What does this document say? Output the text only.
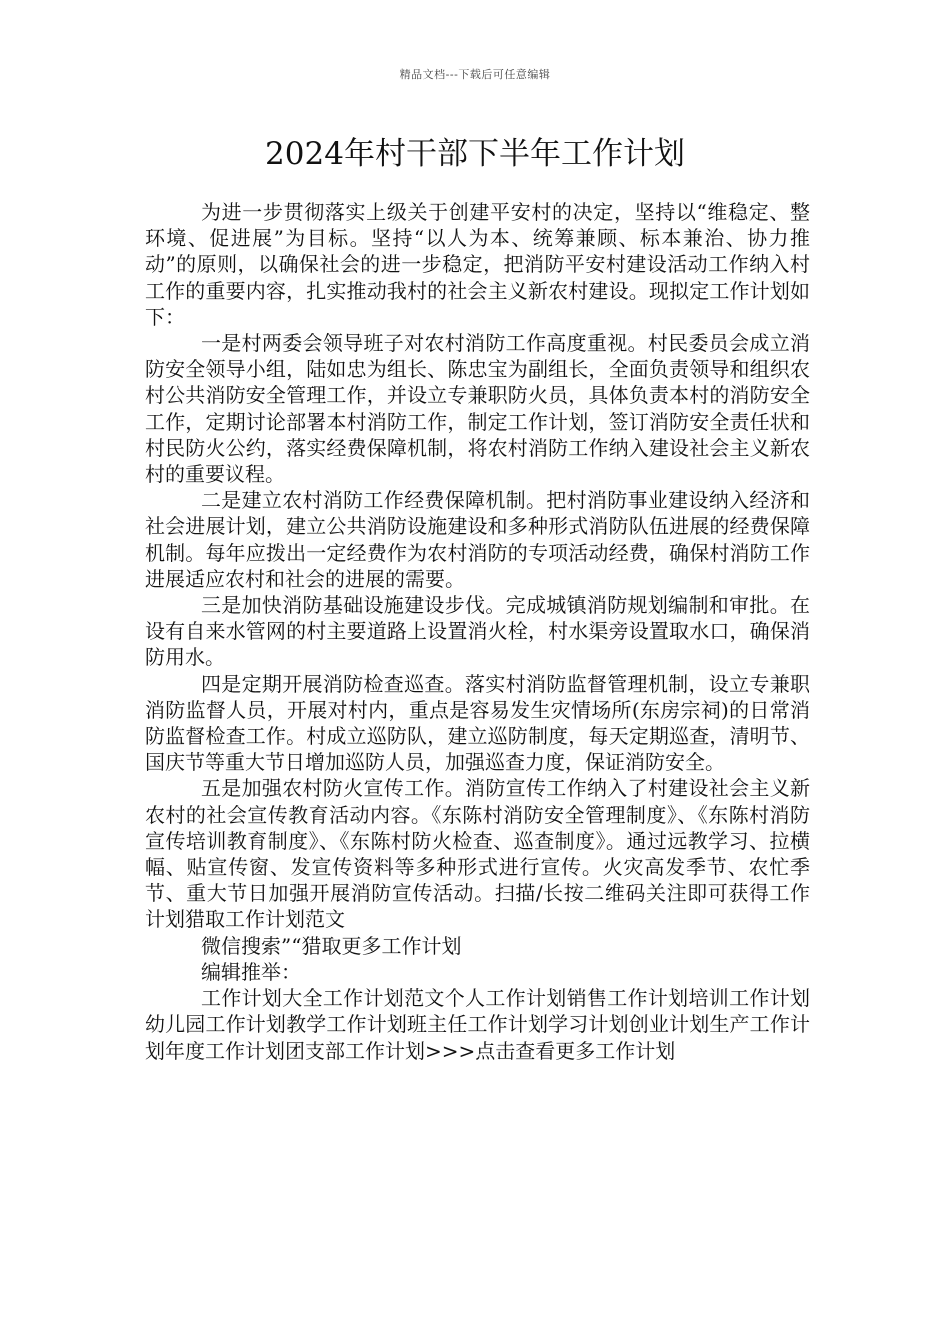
精品文档---下载后可任意编辑
2024年村干部下半年工作计划

为进一步贯彻落实上级关于创建平安村的决定，坚持以“维稳定、整环境、促进展”为目标。坚持“以人为本、统筹兼顾、标本兼治、协力推动”的原则，以确保社会的进一步稳定，把消防平安村建设活动工作纳入村工作的重要内容，扎实推动我村的社会主义新农村建设。现拟定工作计划如下：

一是村两委会领导班子对农村消防工作高度重视。村民委员会成立消防安全领导小组，陆如忠为组长、陈忠宝为副组长，全面负责领导和组织农村公共消防安全管理工作，并设立专兼职防火员，具体负责本村的消防安全工作，定期讨论部署本村消防工作，制定工作计划，签订消防安全责任状和村民防火公约，落实经费保障机制，将农村消防工作纳入建设社会主义新农村的重要议程。

二是建立农村消防工作经费保障机制。把村消防事业建设纳入经济和社会进展计划，建立公共消防设施建设和多种形式消防队伍进展的经费保障机制。每年应拨出一定经费作为农村消防的专项活动经费，确保村消防工作进展适应农村和社会的进展的需要。

三是加快消防基础设施建设步伐。完成城镇消防规划编制和审批。在设有自来水管网的村主要道路上设置消火栓，村水渠旁设置取水口，确保消防用水。

四是定期开展消防检查巡查。落实村消防监督管理机制，设立专兼职消防监督人员，开展对村内，重点是容易发生灾情场所(东房宗祠)的日常消防监督检查工作。村成立巡防队，建立巡防制度，每天定期巡查，清明节、国庆节等重大节日增加巡防人员，加强巡查力度，保证消防安全。

五是加强农村防火宣传工作。消防宣传工作纳入了村建设社会主义新农村的社会宣传教育活动内容。《东陈村消防安全管理制度》、《东陈村消防宣传培训教育制度》、《东陈村防火检查、巡查制度》。通过远教学习、拉横幅、贴宣传窗、发宣传资料等多种形式进行宣传。火灾高发季节、农忙季节、重大节日加强开展消防宣传活动。扫描/长按二维码关注即可获得工作计划猎取工作计划范文

微信搜索”“猎取更多工作计划

编辑推举：

工作计划大全工作计划范文个人工作计划销售工作计划培训工作计划幼儿园工作计划教学工作计划班主任工作计划学习计划创业计划生产工作计划年度工作计划团支部工作计划>>>点击查看更多工作计划
